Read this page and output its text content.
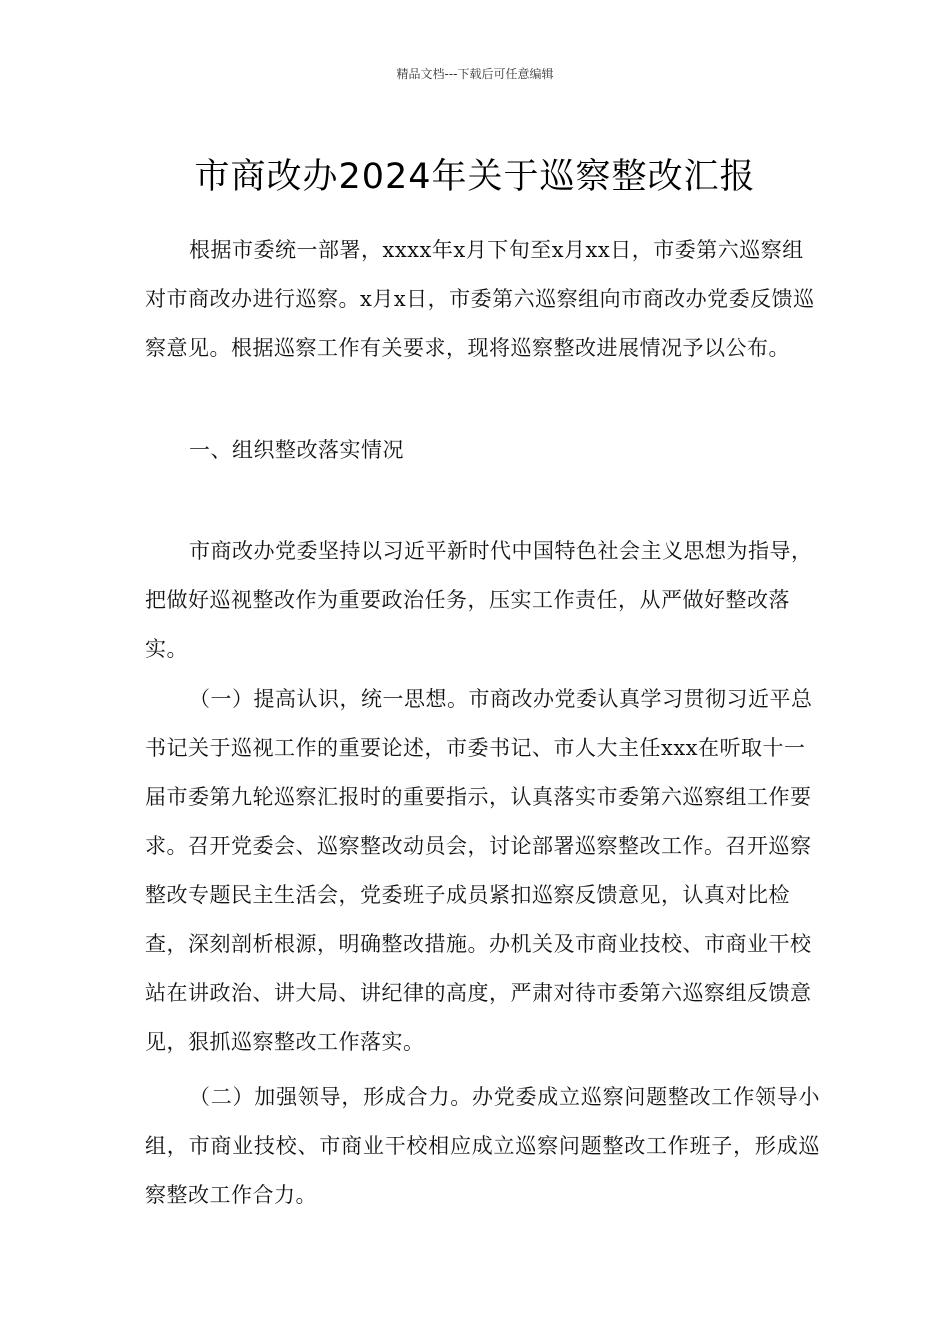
精品文档---下载后可任意编辑
市商改办2024年关于巡察整改汇报

根据市委统一部署，xxxx年x月下旬至x月xx日，市委第六巡察组对市商改办进行巡察。x月x日，市委第六巡察组向市商改办党委反馈巡察意见。根据巡察工作有关要求，现将巡察整改进展情况予以公布。

一、组织整改落实情况

市商改办党委坚持以习近平新时代中国特色社会主义思想为指导，把做好巡视整改作为重要政治任务，压实工作责任，从严做好整改落实。

（一）提高认识，统一思想。市商改办党委认真学习贯彻习近平总书记关于巡视工作的重要论述，市委书记、市人大主任xxx在听取十一届市委第九轮巡察汇报时的重要指示，认真落实市委第六巡察组工作要求。召开党委会、巡察整改动员会，讨论部署巡察整改工作。召开巡察整改专题民主生活会，党委班子成员紧扣巡察反馈意见，认真对比检查，深刻剖析根源，明确整改措施。办机关及市商业技校、市商业干校站在讲政治、讲大局、讲纪律的高度，严肃对待市委第六巡察组反馈意见，狠抓巡察整改工作落实。

（二）加强领导，形成合力。办党委成立巡察问题整改工作领导小组，市商业技校、市商业干校相应成立巡察问题整改工作班子，形成巡察整改工作合力。
